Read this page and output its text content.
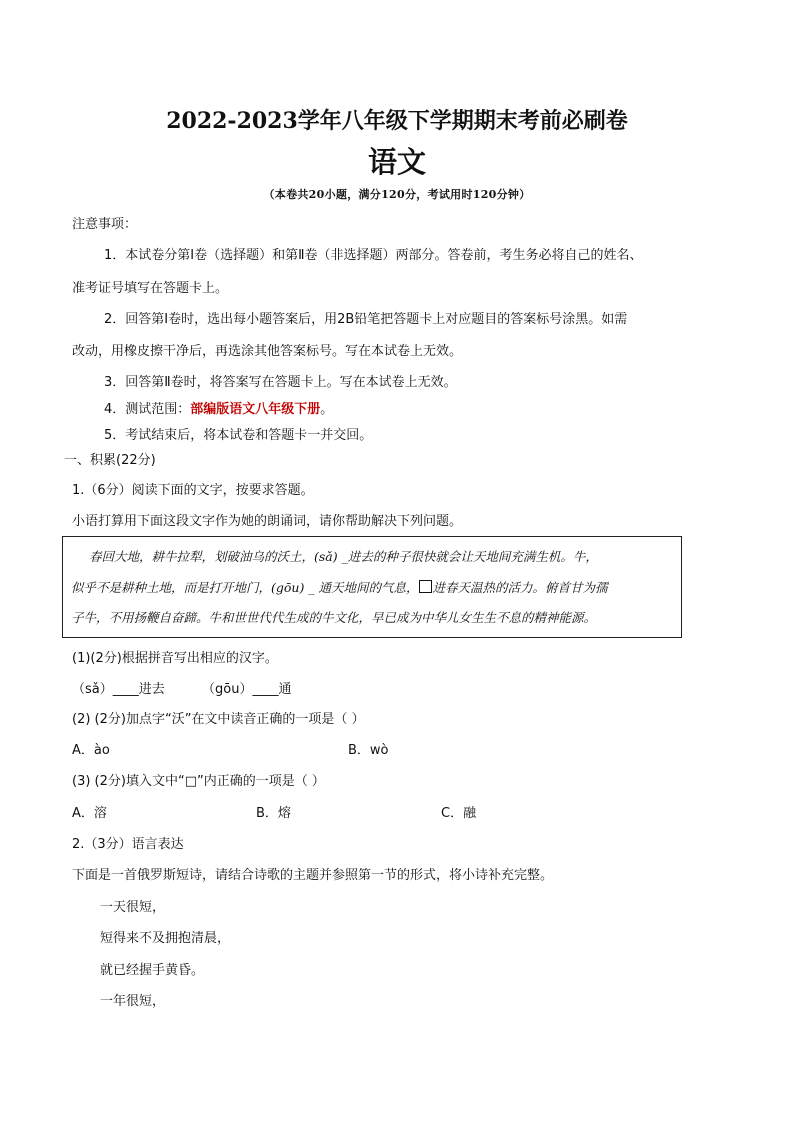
2022-2023学年八年级下学期期末考前必刷卷
语文
（本卷共20小题，满分120分，考试用时120分钟）
注意事项：
1．本试卷分第Ⅰ卷（选择题）和第Ⅱ卷（非选择题）两部分。答卷前，考生务必将自己的姓名、
准考证号填写在答题卡上。
2．回答第Ⅰ卷时，选出每小题答案后，用2B铅笔把答题卡上对应题目的答案标号涂黑。如需
改动，用橡皮擦干净后，再选涂其他答案标号。写在本试卷上无效。
3．回答第Ⅱ卷时，将答案写在答题卡上。写在本试卷上无效。
4．测试范围：部编版语文八年级下册。
5．考试结束后，将本试卷和答题卡一并交回。
一、积累(22分)
1.（6分）阅读下面的文字，按要求答题。
小语打算用下面这段文字作为她的朗诵词，请你帮助解决下列问题。
春回大地，耕牛拉犁，划破油乌的沃土，(sǎ) _进去的种子很快就会让天地间充满生机。牛，
似乎不是耕种土地，而是打开地门，(gōu) _ 通天地间的气息， 进春天温热的活力。俯首甘为孺
子牛，不用扬鞭自奋蹄。牛和世世代代生成的牛文化，早已成为中华儿女生生不息的精神能源。
(1)(2分)根据拼音写出相应的汉字。
（sǎ）____进去	（gōu）____通
(2) (2分)加点字“沃”在文中读音正确的一项是（ ）
A．ào	B．wò
(3) (2分)填入文中“□”内正确的一项是（ ）
A．溶	B．熔	C．融
2.（3分）语言表达
下面是一首俄罗斯短诗，请结合诗歌的主题并参照第一节的形式，将小诗补充完整。
一天很短，
短得来不及拥抱清晨，
就已经握手黄昏。
一年很短，
